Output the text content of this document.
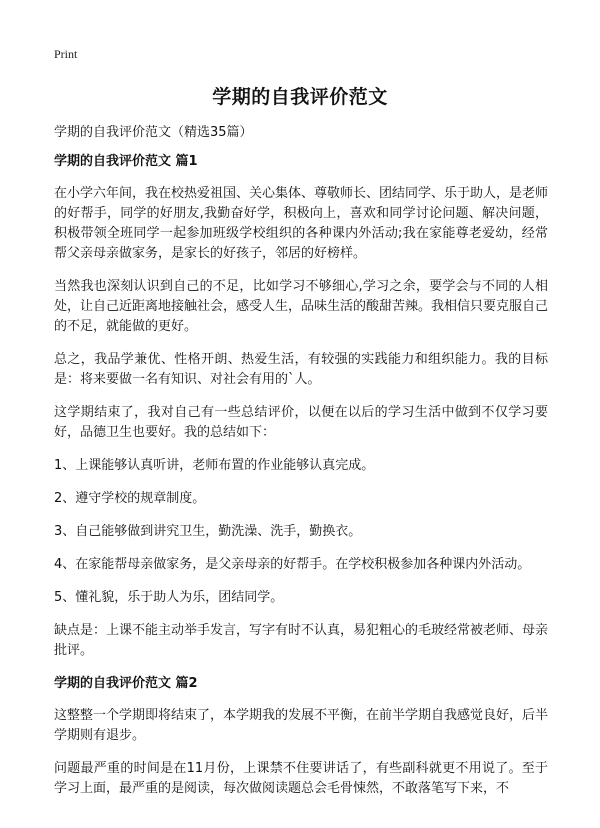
Print
学期的自我评价范文
学期的自我评价范文（精选35篇）
学期的自我评价范文 篇1

在小学六年间，我在校热爱祖国、关心集体、尊敬师长、团结同学、乐于助人，是老师的好帮手，同学的好朋友,我勤奋好学，积极向上，喜欢和同学讨论问题、解决问题，积极带领全班同学一起参加班级学校组织的各种课内外活动;我在家能尊老爱幼，经常帮父亲母亲做家务，是家长的好孩子，邻居的好榜样。

当然我也深刻认识到自己的不足，比如学习不够细心,学习之余，要学会与不同的人相处，让自己近距离地接触社会，感受人生，品味生活的酸甜苦辣。我相信只要克服自己的不足，就能做的更好。

总之，我品学兼优、性格开朗、热爱生活，有较强的实践能力和组织能力。我的目标是：将来要做一名有知识、对社会有用的`人。

这学期结束了，我对自己有一些总结评价，以便在以后的学习生活中做到不仅学习要好，品德卫生也要好。我的总结如下：

1、上课能够认真听讲，老师布置的作业能够认真完成。

2、遵守学校的规章制度。

3、自己能够做到讲究卫生，勤洗澡、洗手，勤换衣。

4、在家能帮母亲做家务，是父亲母亲的好帮手。在学校积极参加各种课内外活动。

5、懂礼貌，乐于助人为乐，团结同学。

缺点是：上课不能主动举手发言，写字有时不认真，易犯粗心的毛玻经常被老师、母亲批评。

学期的自我评价范文 篇2

这整整一个学期即将结束了，本学期我的发展不平衡，在前半学期自我感觉良好，后半学期则有退步。

问题最严重的时间是在11月份，上课禁不住要讲话了，有些副科就更不用说了。至于学习上面，最严重的是阅读，每次做阅读题总会毛骨悚然，不敢落笔写下来，不
